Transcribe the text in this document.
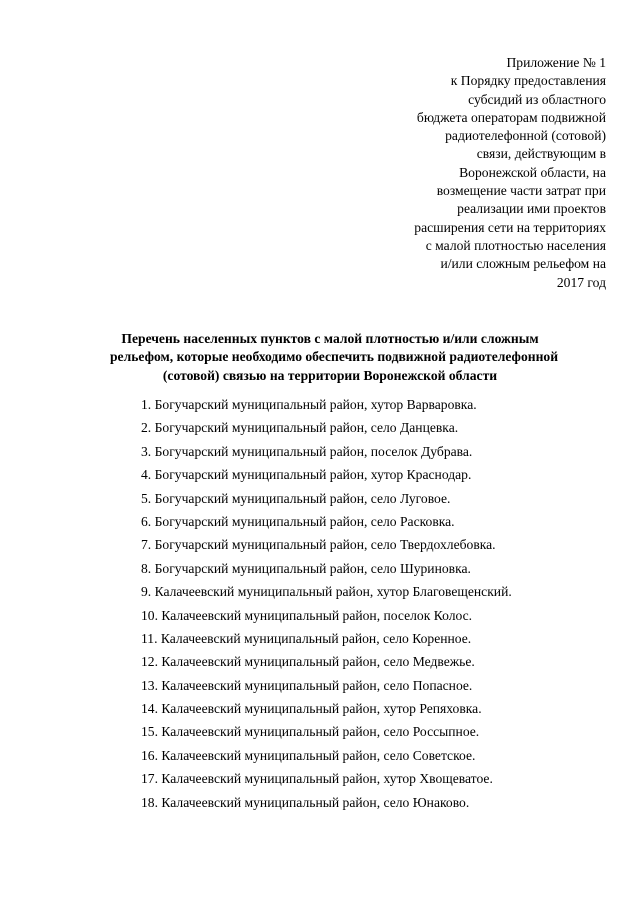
Приложение № 1
к Порядку предоставления
субсидий из областного
бюджета операторам подвижной
радиотелефонной (сотовой)
связи, действующим в
Воронежской области, на
возмещение части затрат при
реализации ими проектов
расширения сети на территориях
с малой плотностью населения
и/или сложным рельефом на
2017 год
Перечень населенных пунктов с малой плотностью и/или сложным
рельефом, которые необходимо обеспечить подвижной радиотелефонной
(сотовой) связью на территории Воронежской области
1. Богучарский муниципальный район, хутор Варваровка.
2. Богучарский муниципальный район, село Данцевка.
3. Богучарский муниципальный район, поселок Дубрава.
4. Богучарский муниципальный район, хутор Краснодар.
5. Богучарский муниципальный район, село Луговое.
6. Богучарский муниципальный район, село Расковка.
7. Богучарский муниципальный район, село Твердохлебовка.
8. Богучарский муниципальный район, село Шуриновка.
9. Калачеевский муниципальный район, хутор Благовещенский.
10. Калачеевский муниципальный район, поселок Колос.
11. Калачеевский муниципальный район, село Коренное.
12. Калачеевский муниципальный район, село Медвежье.
13. Калачеевский муниципальный район, село Попасное.
14. Калачеевский муниципальный район, хутор Репяховка.
15. Калачеевский муниципальный район, село Россыпное.
16. Калачеевский муниципальный район, село Советское.
17. Калачеевский муниципальный район, хутор Хвощеватое.
18. Калачеевский муниципальный район, село Юнаково.
